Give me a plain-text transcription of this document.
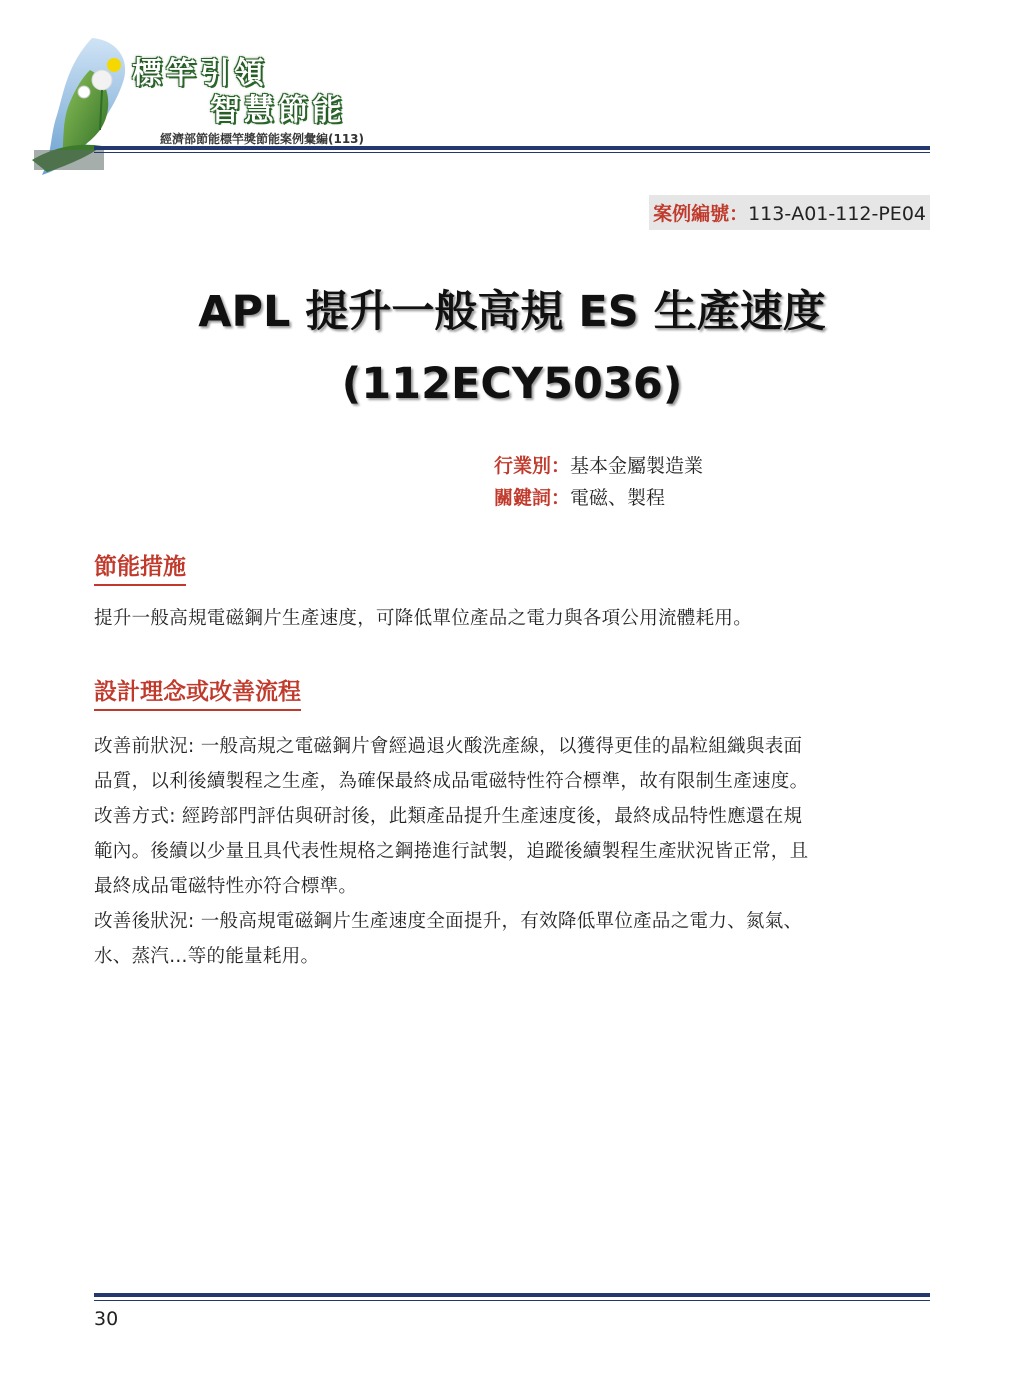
標竿引領
智慧節能
經濟部節能標竿獎節能案例彙編(113)
案例編號：113-A01-112-PE04
APL 提升一般高規 ES 生產速度
(112ECY5036)
行業別：基本金屬製造業
關鍵詞：電磁、製程
節能措施
提升一般高規電磁鋼片生產速度，可降低單位產品之電力與各項公用流體耗用。
設計理念或改善流程
改善前狀況: 一般高規之電磁鋼片會經過退火酸洗產線，以獲得更佳的晶粒組織與表面
品質，以利後續製程之生產，為確保最終成品電磁特性符合標準，故有限制生產速度。
改善方式: 經跨部門評估與研討後，此類產品提升生產速度後，最終成品特性應還在規
範內。後續以少量且具代表性規格之鋼捲進行試製，追蹤後續製程生產狀況皆正常，且
最終成品電磁特性亦符合標準。
改善後狀況: 一般高規電磁鋼片生產速度全面提升，有效降低單位產品之電力、氮氣、
水、蒸汽...等的能量耗用。
30
